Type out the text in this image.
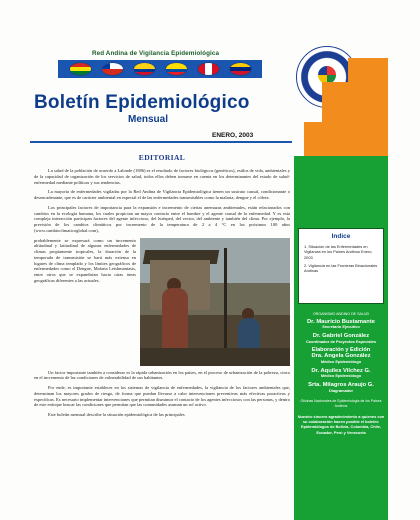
Red Andina de Vigilancia Epidemiológica
Boletín Epidemiológico
Mensual
ENERO, 2003
Indice
1. Situación de las Enfermedades en Vigilancia en los Países Andinos Enero, 2003
2. Vigilancia en las Fronteras Binacionales Andinas
ORGANISMO ANDINO DE SALUD
Dr. Mauricio Bustamante
Secretario Ejecutivo
Dr. Gabriel González
Coordinador de Proyectos Especiales
Elaboración y Edición
Dra. Angela González
Médico Epidemiólogo
Dr. Aquiles Vilchez G.
Médico Epidemiólogo
Srta. Milagros Araujo G.
Diagramador
Oficinas Nacionales de Epidemiología de los Países Andinos
Nuestro sincero agradecimiento a quienes con su colaboración hacen posible el boletín: Epidemiólogos de Bolivia, Colombia, Chile, Ecuador, Perú y Venezuela
EDITORIAL

La salud de la población de acuerdo a Lalonde (1986) es el resultado de factores biológicos (genéticos), estilos de vida, ambientales y de la capacidad de organización de los servicios de salud, todos ellos deben tomarse en cuenta en los determinantes del estado de salud-enfermedad mediante políticas y sus tendencias.

La mayoría de enfermedades vigiladas por la Red Andina de Vigilancia Epidemiológica tienen un sustrato causal, condicionante o desencadenante, que es de carácter ambiental en especial el de las enfermedades transmisibles como la malaria, dengue y el cólera.

Los principales factores de importancia para la expansión e incremento de ciertas anemazas ambientales, están relacionados con cambios en la ecología humana, los cuales propician un mayor contacto entre el hombre y el agente causal de la enfermedad. Y es esta compleja interacción participan factores del agente infeccioso, del huésped, del vector, del ambiente y también del clima. Por ejemplo, la previsión de los cambios climáticos por incremento de la temperatura de 2 a 4 °C en los próximos 100 años (www.cambioclimaticoglobal.com),

probablemente se expresará como un incremento altitudinal y latitudinal de algunas enfermedades de climas propiamente tropicales, la duración de la temporada de transmisión se hará más extensa en lugares de clima templado y los límites geográficos de enfermedades como el Dengue, Malaria Leishmaniasis, entre otros que se expandirían hacia otras áreas geográficas diferentes a las actuales.

Un factor importante también a considerar es la rápida urbanización en los países, en el proceso de urbanización de la pobreza, cinco en el incremento de las condiciones de vulnerabilidad de sus habitantes.

Por ende, es importante establecer en los sistemas de vigilancia de enfermedades, la vigilancia de los factores ambientales que, determinan los mayores grados de riesgo, de forma que puedan llevarse a cabo intervenciones preventivas más efectivas proactivas y específicas. Es necesario implementar intervenciones que permitan disminuir el contacto de los agentes infecciosos con las personas, y dentro de este enfoque buscar las condiciones que permitan que las comunidades asuman un rol activo.

Este boletín mensual describe la situación epidemiológica de las principales
